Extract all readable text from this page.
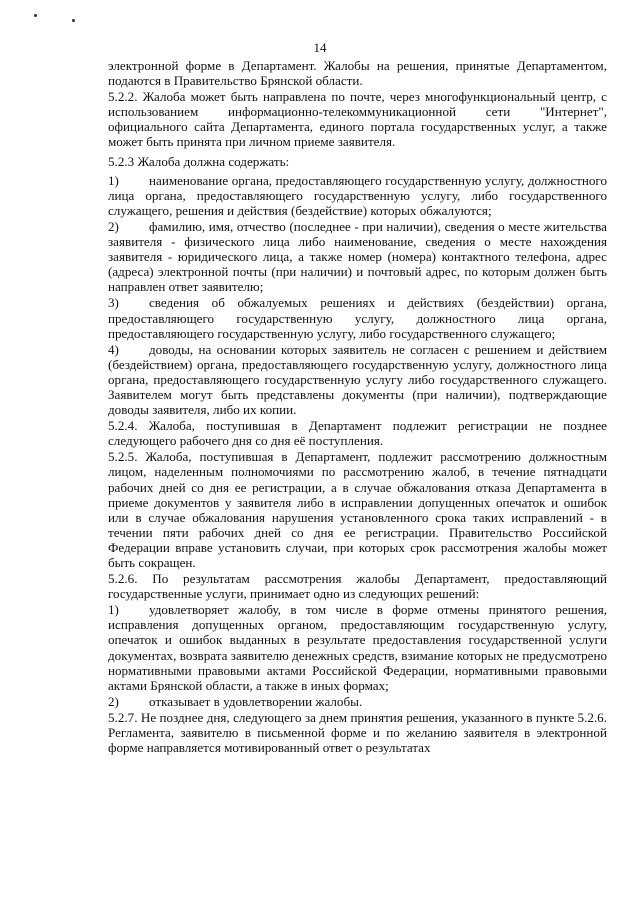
14

электронной форме в Департамент. Жалобы на решения, принятые Департаментом, подаются в Правительство Брянской области.

5.2.2. Жалоба может быть направлена по почте, через многофункциональный центр, с использованием информационно-телекоммуникационной сети "Интернет", официального сайта Департамента, единого портала государственных услуг, а также может быть принята при личном приеме заявителя.

5.2.3 Жалоба должна содержать:

1) наименование органа, предоставляющего государственную услугу, должностного лица органа, предоставляющего государственную услугу, либо государственного служащего, решения и действия (бездействие) которых обжалуются;

2) фамилию, имя, отчество (последнее - при наличии), сведения о месте жительства заявителя - физического лица либо наименование, сведения о месте нахождения заявителя - юридического лица, а также номер (номера) контактного телефона, адрес (адреса) электронной почты (при наличии) и почтовый адрес, по которым должен быть направлен ответ заявителю;

3) сведения об обжалуемых решениях и действиях (бездействии) органа, предоставляющего государственную услугу, должностного лица органа, предоставляющего государственную услугу, либо государственного служащего;

4) доводы, на основании которых заявитель не согласен с решением и действием (бездействием) органа, предоставляющего государственную услугу, должностного лица органа, предоставляющего государственную услугу либо государственного служащего. Заявителем могут быть представлены документы (при наличии), подтверждающие доводы заявителя, либо их копии.

5.2.4. Жалоба, поступившая в Департамент подлежит регистрации не позднее следующего рабочего дня со дня её поступления.

5.2.5. Жалоба, поступившая в Департамент, подлежит рассмотрению должностным лицом, наделенным полномочиями по рассмотрению жалоб, в течение пятнадцати рабочих дней со дня ее регистрации, а в случае обжалования отказа Департамента в приеме документов у заявителя либо в исправлении допущенных опечаток и ошибок или в случае обжалования нарушения установленного срока таких исправлений - в течении пяти рабочих дней со дня ее регистрации. Правительство Российской Федерации вправе установить случаи, при которых срок рассмотрения жалобы может быть сокращен.

5.2.6. По результатам рассмотрения жалобы Департамент, предоставляющий государственные услуги, принимает одно из следующих решений:

1) удовлетворяет жалобу, в том числе в форме отмены принятого решения, исправления допущенных органом, предоставляющим государственную услугу, опечаток и ошибок выданных в результате предоставления государственной услуги документах, возврата заявителю денежных средств, взимание которых не предусмотрено нормативными правовыми актами Российской Федерации, нормативными правовыми актами Брянской области, а также в иных формах;

2) отказывает в удовлетворении жалобы.

5.2.7. Не позднее дня, следующего за днем принятия решения, указанного в пункте 5.2.6. Регламента, заявителю в письменной форме и по желанию заявителя в электронной форме направляется мотивированный ответ о результатах
